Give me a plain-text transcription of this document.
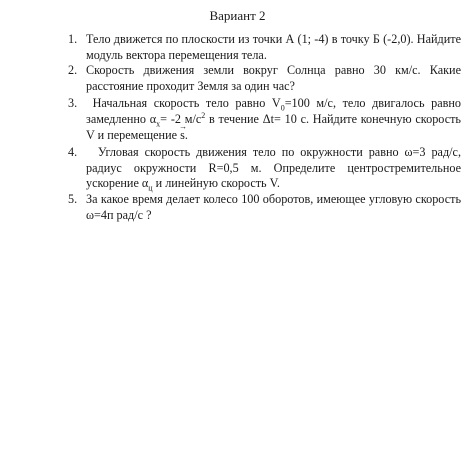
Вариант 2
1. Тело движется по плоскости из точки А (1; -4) в точку Б (-2,0). Найдите модуль вектора перемещения тела.
2. Скорость движения земли вокруг Солнца равно 30 км/с. Какие расстояние проходит Земля за один час?
3. Начальная скорость тело равно $V_0=100$ м/с, тело двигалось равно замедленно $\alpha_x= -2$ $м/с^2$ в течение Δt= 10 с. Найдите конечную скорость V и перемещение → s.
4. Угловая скорость движения тело по окружности равно ω=3 рад/с, радиус окружности R=0,5 м. Определите центростремительное ускорение $\alpha_ц$ и линейную скорость V.
5. За какое время делает колесо 100 оборотов, имеющее угловую скорость ω=4п рад/с ?
